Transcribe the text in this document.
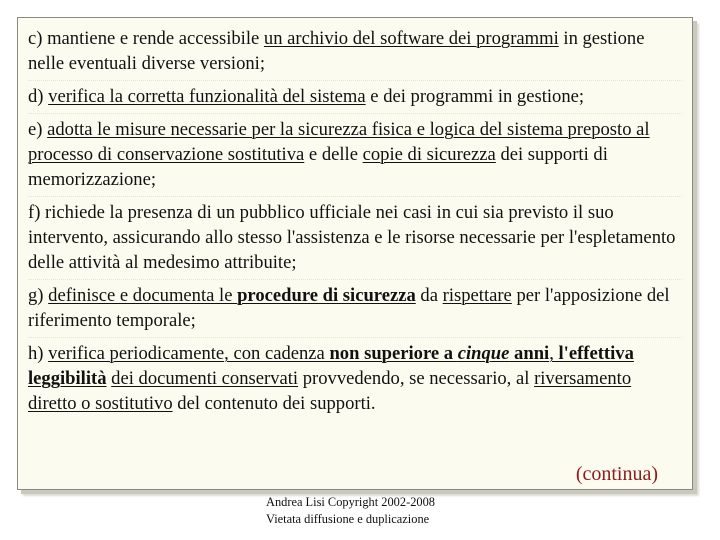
c) mantiene e rende accessibile un archivio del software dei programmi in gestione nelle eventuali diverse versioni;

d) verifica la corretta funzionalità del sistema e dei programmi in gestione;

e) adotta le misure necessarie per la sicurezza fisica e logica del sistema preposto al processo di conservazione sostitutiva e delle copie di sicurezza dei supporti di memorizzazione;

f) richiede la presenza di un pubblico ufficiale nei casi in cui sia previsto il suo intervento, assicurando allo stesso l'assistenza e le risorse necessarie per l'espletamento delle attività al medesimo attribuite;

g) definisce e documenta le procedure di sicurezza da rispettare per l'apposizione del riferimento temporale;

h) verifica periodicamente, con cadenza non superiore a cinque anni, l'effettiva leggibilità dei documenti conservati provvedendo, se necessario, al riversamento diretto o sostitutivo del contenuto dei supporti.

(continua)
Andrea Lisi Copyright 2002-2008
Vietata diffusione e duplicazione
